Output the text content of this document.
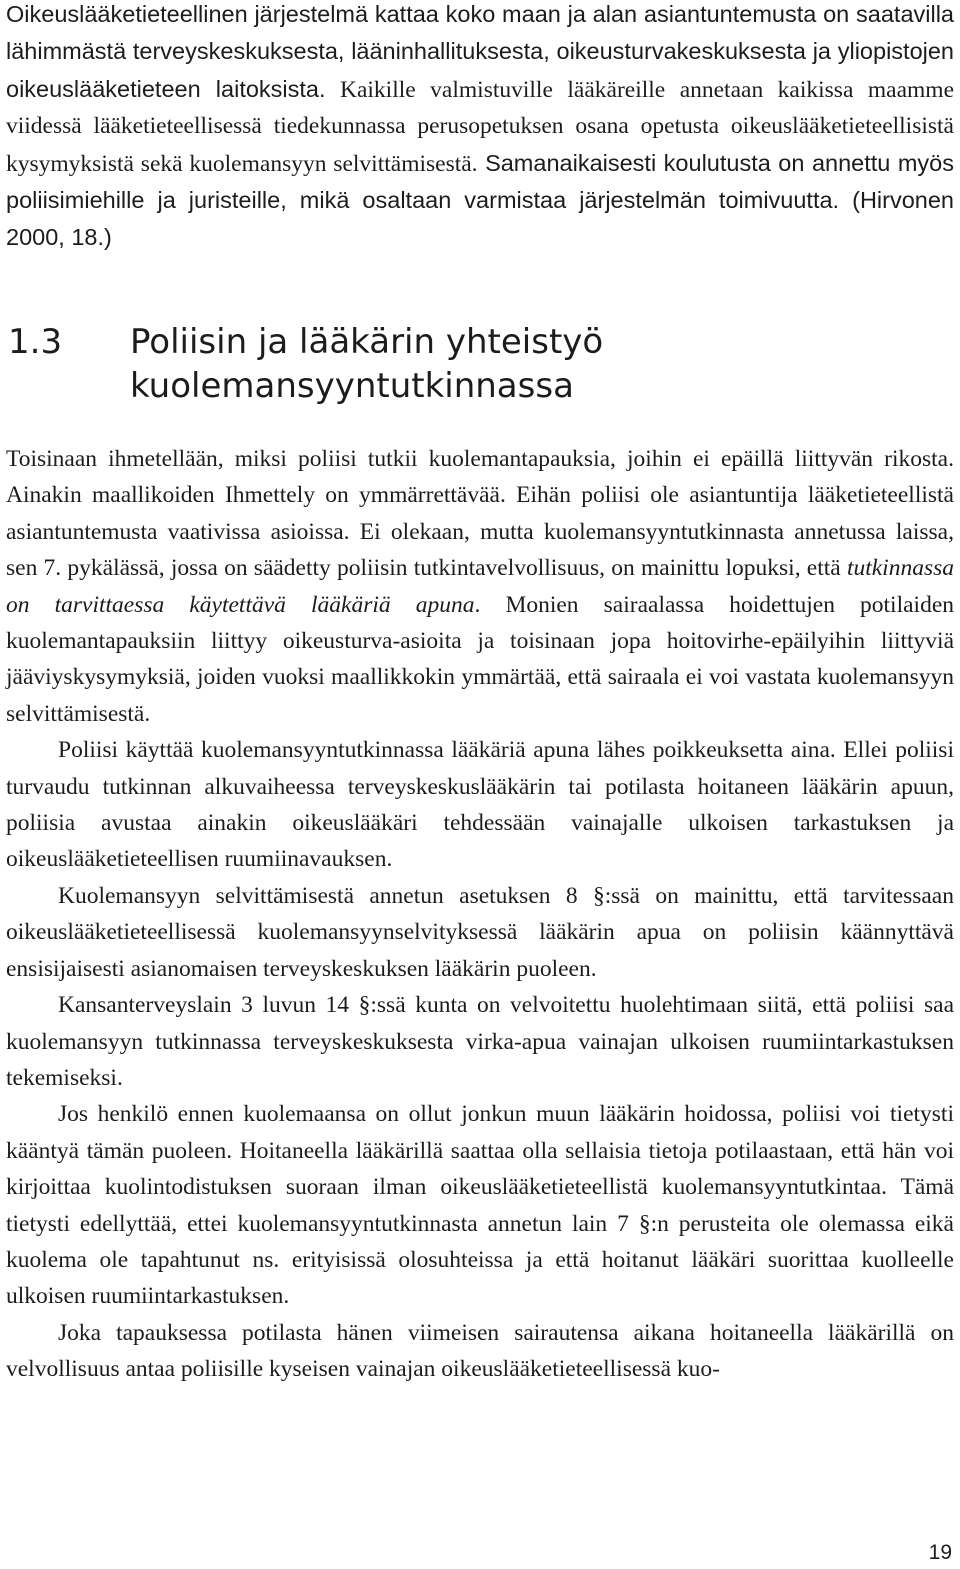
Oikeuslääketieteellinen järjestelmä kattaa koko maan ja alan asiantuntemusta on saatavilla lähimmästä terveyskeskuksesta, lääninhallituksesta, oikeusturvakeskuksesta ja yliopistojen oikeuslääketieteen laitoksista. Kaikille valmistuville lääkäreille annetaan kaikissa maamme viidessä lääketieteellisessä tiedekunnassa perusopetuksen osana opetusta oikeuslääketieteellisistä kysymyksistä sekä kuolemansyyn selvittämisestä. Samanaikaisesti koulutusta on annettu myös poliisimiehille ja juristeille, mikä osaltaan varmistaa järjestelmän toimivuutta. (Hirvonen 2000, 18.)

1.3	Poliisin ja lääkärin yhteistyö
kuolemansyyntutkinnassa

Toisinaan ihmetellään, miksi poliisi tutkii kuolemantapauksia, joihin ei epäillä liittyvän rikosta. Ainakin maallikoiden Ihmettely on ymmärrettävää. Eihän poliisi ole asiantuntija lääketieteellistä asiantuntemusta vaativissa asioissa. Ei olekaan, mutta kuolemansyyntutkinnasta annetussa laissa, sen 7. pykälässä, jossa on säädetty poliisin tutkintavelvollisuus, on mainittu lopuksi, että tutkinnassa on tarvittaessa käytettävä lääkäriä apuna. Monien sairaalassa hoidettujen potilaiden kuolemantapauksiin liittyy oikeusturva-asioita ja toisinaan jopa hoitovirhe-epäilyihin liittyviä jääviyskysymyksiä, joiden vuoksi maallikkokin ymmärtää, että sairaala ei voi vastata kuolemansyyn selvittämisestä.

Poliisi käyttää kuolemansyyntutkinnassa lääkäriä apuna lähes poikkeuksetta aina. Ellei poliisi turvaudu tutkinnan alkuvaiheessa terveyskeskuslääkärin tai potilasta hoitaneen lääkärin apuun, poliisia avustaa ainakin oikeuslääkäri tehdessään vainajalle ulkoisen tarkastuksen ja oikeuslääketieteellisen ruumiinavauksen.

Kuolemansyyn selvittämisestä annetun asetuksen 8 §:ssä on mainittu, että tarvitessaan oikeuslääketieteellisessä kuolemansyynselvityksessä lääkärin apua on poliisin käännyttävä ensisijaisesti asianomaisen terveyskeskuksen lääkärin puoleen.

Kansanterveyslain 3 luvun 14 §:ssä kunta on velvoitettu huolehtimaan siitä, että poliisi saa kuolemansyyn tutkinnassa terveyskeskuksesta virka-apua vainajan ulkoisen ruumiintarkastuksen tekemiseksi.

Jos henkilö ennen kuolemaansa on ollut jonkun muun lääkärin hoidossa, poliisi voi tietysti kääntyä tämän puoleen. Hoitaneella lääkärillä saattaa olla sellaisia tietoja potilaastaan, että hän voi kirjoittaa kuolintodistuksen suoraan ilman oikeuslääketieteellistä kuolemansyyntutkintaa. Tämä tietysti edellyttää, ettei kuolemansyyntutkinnasta annetun lain 7 §:n perusteita ole olemassa eikä kuolema ole tapahtunut ns. erityisissä olosuhteissa ja että hoitanut lääkäri suorittaa kuolleelle ulkoisen ruumiintarkastuksen.

Joka tapauksessa potilasta hänen viimeisen sairautensa aikana hoitaneella lääkärillä on velvollisuus antaa poliisille kyseisen vainajan oikeuslääketieteellisessä kuo-

19
